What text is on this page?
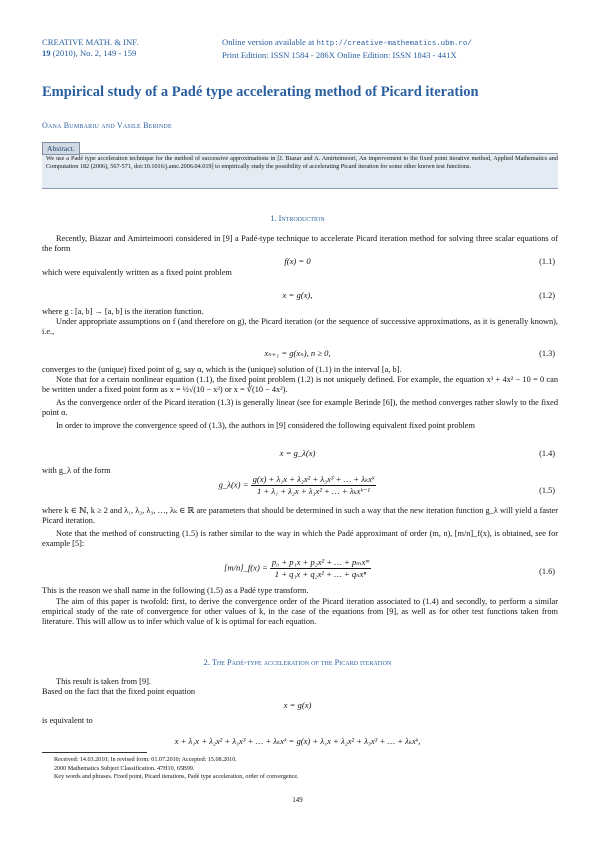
CREATIVE MATH. & INF.
19 (2010), No. 2, 149 - 159
Online version available at http://creative-mathematics.ubm.ro/
Print Edition: ISSN 1584 - 286X Online Edition: ISSN 1843 - 441X
Empirical study of a Padé type accelerating method of Picard iteration
Oana Bumbariu and Vasile Berinde
Abstract.
We use a Padé type acceleration technique for the method of successive approximations in [J. Biazar and A. Amirteimoori, An improvement to the fixed point iterative method, Applied Mathematics and Computation 182 (2006), 567-571, doi:10.1016/j.amc.2006.04.019] to empirically study the possibility of accelerating Picard iteration for some other known test functions.
1. Introduction
Recently, Biazar and Amirteimoori considered in [9] a Padé-type technique to accelerate Picard iteration method for solving three scalar equations of the form
f(x) = 0	(1.1)
which were equivalently written as a fixed point problem
x = g(x),	(1.2)
where g : [a, b] → [a, b] is the iteration function.
Under appropriate assumptions on f (and therefore on g), the Picard iteration (or the sequence of successive approximations, as it is generally known), i.e.,
xₙ₊₁ = g(xₙ), n ≥ 0,	(1.3)
converges to the (unique) fixed point of g, say α, which is the (unique) solution of (1.1) in the interval [a, b].
Note that for a certain nonlinear equation (1.1), the fixed point problem (1.2) is not uniquely defined. For example, the equation x³ + 4x² − 10 = 0 can be written under a fixed point form as x = ½√(10 − x³) or x = ∛(10 − 4x²).
As the convergence order of the Picard iteration (1.3) is generally linear (see for example Berinde [6]), the method converges rather slowly to the fixed point α.
In order to improve the convergence speed of (1.3), the authors in [9] considered the following equivalent fixed point problem
x = g_λ(x)	(1.4)
with g_λ of the form
g_λ(x) = $\frac{\text{g(x) + λ₁x + λ₂x² + λ₃x³ + … + λₖxᵏ}}{\text{1 + λ₁ + λ₂x + λ₃x² + … + λₖxᵏ⁻¹}}$	(1.5)
where k ∈ ℕ, k ≥ 2 and λ₁, λ₂, λ₃, …, λₖ ∈ ℝ are parameters that should be determined in such a way that the new iteration function g_λ will yield a faster Picard iteration.
Note that the method of constructing (1.5) is rather similar to the way in which the Padé approximant of order (m, n), [m/n]_f(x), is obtained, see for example [5]:
[m/n]_f(x) = $\frac{\text{p₀ + p₁x + p₂x² + … + pₘxᵐ}}{\text{1 + q₁x + q₂x² + … + qₙxⁿ}}$	(1.6)
This is the reason we shall name in the following (1.5) as a Padé type transform.
The aim of this paper is twofold: first, to derive the convergence order of the Picard iteration associated to (1.4) and secondly, to perform a similar empirical study of the rate of convergence for other values of k, in the case of the equations from [9], as well as for other test functions taken from literature. This will allow us to infer which value of k is optimal for each equation.
2. The Padé-type acceleration of the Picard iteration
This result is taken from [9].
Based on the fact that the fixed point equation
x = g(x)
is equivalent to
x + λ₁x + λ₂x² + λ₃x³ + … + λₖxᵏ = g(x) + λ₁x + λ₂x² + λ₃x³ + … + λₖxᵏ,
Received: 14.03.2010; In revised form: 01.07.2010; Accepted: 15.08.2010.
2000 Mathematics Subject Classification. 47H10, 65B99.
Key words and phrases. Fixed point, Picard iterations, Padé type acceleration, order of convergence.
149
